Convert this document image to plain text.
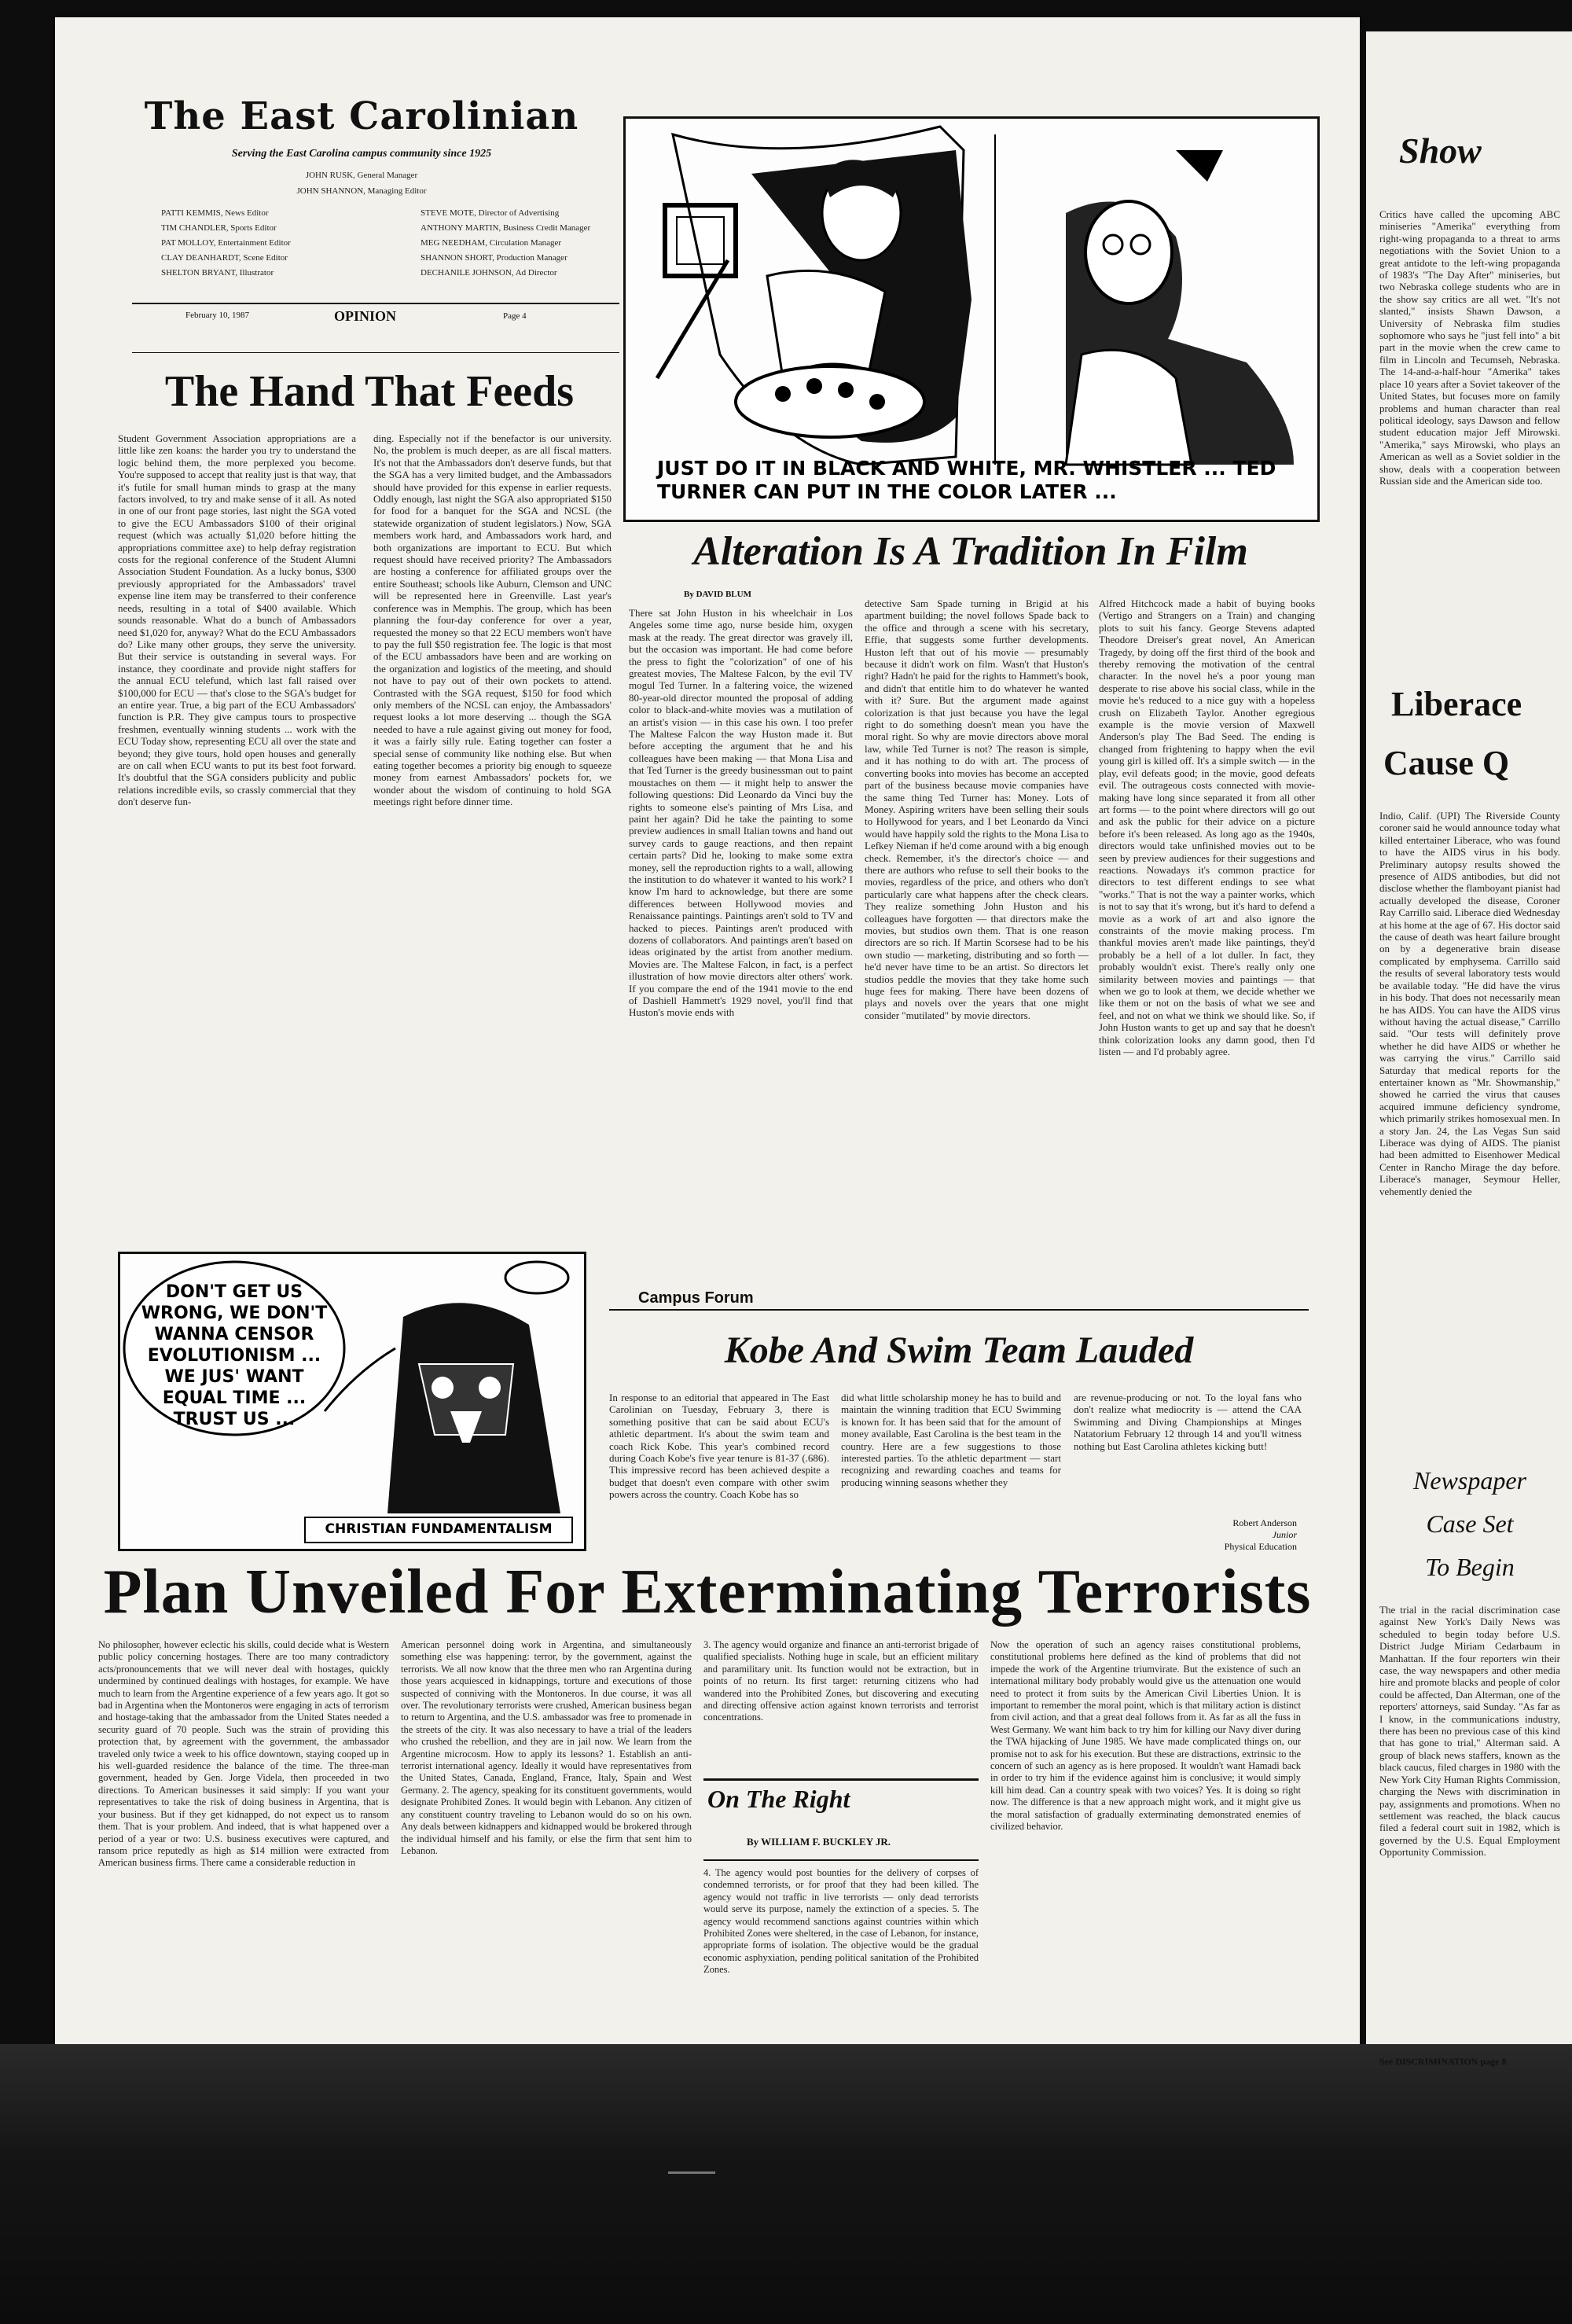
The East Carolinian
Serving the East Carolina campus community since 1925
JOHN RUSK, General Manager
JOHN SHANNON, Managing Editor
PATTI KEMMIS, News Editor
TIM CHANDLER, Sports Editor
PAT MOLLOY, Entertainment Editor
CLAY DEANHARDT, Scene Editor
SHELTON BRYANT, Illustrator
STEVE MOTE, Director of Advertising
ANTHONY MARTIN, Business Credit Manager
MEG NEEDHAM, Circulation Manager
SHANNON SHORT, Production Manager
DECHANILE JOHNSON, Ad Director
February 10, 1987	OPINION	Page 4
The Hand That Feeds
Student Government Association appropriations are a little like zen koans: the harder you try to understand the logic behind them, the more perplexed you become. You're supposed to accept that reality just is that way, that it's futile for small human minds to grasp at the many factors involved, to try and make sense of it all. As noted in one of our front page stories, last night the SGA voted to give the ECU Ambassadors $100 of their original request (which was actually $1,020 before hitting the appropriations committee axe) to help defray registration costs for the regional conference of the Student Alumni Association Student Foundation. As a lucky bonus, $300 previously appropriated for the Ambassadors' travel expense line item may be transferred to their conference needs, resulting in a total of $400 available. Which sounds reasonable. What do a bunch of Ambassadors need $1,020 for, anyway? What do the ECU Ambassadors do? Like many other groups, they serve the university. But their service is outstanding in several ways. For instance, they coordinate and provide night staffers for the annual ECU telefund, which last fall raised over $100,000 for ECU — that's close to the SGA's budget for an entire year. True, a big part of the ECU Ambassadors' function is P.R. They give campus tours to prospective freshmen, eventually winning students ... work with the ECU Today show, representing ECU all over the state and beyond; they give tours, hold open houses and generally are on call when ECU wants to put its best foot forward. It's doubtful that the SGA considers publicity and public relations incredible evils, so crassly commercial that they don't deserve fun-
ding. Especially not if the benefactor is our university. No, the problem is much deeper, as are all fiscal matters. It's not that the Ambassadors don't deserve funds, but that the SGA has a very limited budget, and the Ambassadors should have provided for this expense in earlier requests. Oddly enough, last night the SGA also appropriated $150 for food for a banquet for the SGA and NCSL (the statewide organization of student legislators.) Now, SGA members work hard, and Ambassadors work hard, and both organizations are important to ECU. But which request should have received priority? The Ambassadors are hosting a conference for affiliated groups over the entire Southeast; schools like Auburn, Clemson and UNC will be represented here in Greenville. Last year's conference was in Memphis. The group, which has been planning the four-day conference for over a year, requested the money so that 22 ECU members won't have to pay the full $50 registration fee. The logic is that most of the ECU ambassadors have been and are working on the organization and logistics of the meeting, and should not have to pay out of their own pockets to attend. Contrasted with the SGA request, $150 for food which only members of the NCSL can enjoy, the Ambassadors' request looks a lot more deserving ... though the SGA needed to have a rule against giving out money for food, it was a fairly silly rule. Eating together can foster a special sense of community like nothing else. But when eating together becomes a priority big enough to squeeze money from earnest Ambassadors' pockets for, we wonder about the wisdom of continuing to hold SGA meetings right before dinner time.
JUST DO IT IN BLACK AND WHITE, MR. WHISTLER ... TED TURNER CAN PUT IN THE COLOR LATER ...
Alteration Is A Tradition In Film
By DAVID BLUM
There sat John Huston in his wheelchair in Los Angeles some time ago, nurse beside him, oxygen mask at the ready. The great director was gravely ill, but the occasion was important. He had come before the press to fight the "colorization" of one of his greatest movies, The Maltese Falcon, by the evil TV mogul Ted Turner. In a faltering voice, the wizened 80-year-old director mounted the proposal of adding color to black-and-white movies was a mutilation of an artist's vision — in this case his own. I too prefer The Maltese Falcon the way Huston made it. But before accepting the argument that he and his colleagues have been making — that Mona Lisa and that Ted Turner is the greedy businessman out to paint moustaches on them — it might help to answer the following questions: Did Leonardo da Vinci buy the rights to someone else's painting of Mrs Lisa, and paint her again? Did he take the painting to some preview audiences in small Italian towns and hand out survey cards to gauge reactions, and then repaint certain parts? Did he, looking to make some extra money, sell the reproduction rights to a wall, allowing the institution to do whatever it wanted to his work? I know I'm hard to acknowledge, but there are some differences between Hollywood movies and Renaissance paintings. Paintings aren't sold to TV and hacked to pieces. Paintings aren't produced with dozens of collaborators. And paintings aren't based on ideas originated by the artist from another medium. Movies are. The Maltese Falcon, in fact, is a perfect illustration of how movie directors alter others' work. If you compare the end of the 1941 movie to the end of Dashiell Hammett's 1929 novel, you'll find that Huston's movie ends with
detective Sam Spade turning in Brigid at his apartment building; the novel follows Spade back to the office and through a scene with his secretary, Effie, that suggests some further developments. Huston left that out of his movie — presumably because it didn't work on film. Wasn't that Huston's right? Hadn't he paid for the rights to Hammett's book, and didn't that entitle him to do whatever he wanted with it? Sure. But the argument made against colorization is that just because you have the legal right to do something doesn't mean you have the moral right. So why are movie directors above moral law, while Ted Turner is not? The reason is simple, and it has nothing to do with art. The process of converting books into movies has become an accepted part of the business because movie companies have the same thing Ted Turner has: Money. Lots of Money. Aspiring writers have been selling their souls to Hollywood for years, and I bet Leonardo da Vinci would have happily sold the rights to the Mona Lisa to Lefkey Nieman if he'd come around with a big enough check. Remember, it's the director's choice — and there are authors who refuse to sell their books to the movies, regardless of the price, and others who don't particularly care what happens after the check clears. They realize something John Huston and his colleagues have forgotten — that directors make the movies, but studios own them. That is one reason directors are so rich. If Martin Scorsese had to be his own studio — marketing, distributing and so forth — he'd never have time to be an artist. So directors let studios peddle the movies that they take home such huge fees for making. There have been dozens of plays and novels over the years that one might consider "mutilated" by movie directors.
Alfred Hitchcock made a habit of buying books (Vertigo and Strangers on a Train) and changing plots to suit his fancy. George Stevens adapted Theodore Dreiser's great novel, An American Tragedy, by doing off the first third of the book and thereby removing the motivation of the central character. In the novel he's a poor young man desperate to rise above his social class, while in the movie he's reduced to a nice guy with a hopeless crush on Elizabeth Taylor. Another egregious example is the movie version of Maxwell Anderson's play The Bad Seed. The ending is changed from frightening to happy when the evil young girl is killed off. It's a simple switch — in the play, evil defeats good; in the movie, good defeats evil. The outrageous costs connected with movie-making have long since separated it from all other art forms — to the point where directors will go out and ask the public for their advice on a picture before it's been released. As long ago as the 1940s, directors would take unfinished movies out to be seen by preview audiences for their suggestions and reactions. Nowadays it's common practice for directors to test different endings to see what "works." That is not the way a painter works, which is not to say that it's wrong, but it's hard to defend a movie as a work of art and also ignore the constraints of the movie making process. I'm thankful movies aren't made like paintings, they'd probably be a hell of a lot duller. In fact, they probably wouldn't exist. There's really only one similarity between movies and paintings — that when we go to look at them, we decide whether we like them or not on the basis of what we see and feel, and not on what we think we should like. So, if John Huston wants to get up and say that he doesn't think colorization looks any damn good, then I'd listen — and I'd probably agree.
DON'T GET US WRONG, WE DON'T WANNA CENSOR EVOLUTIONISM ... WE JUS' WANT EQUAL TIME ... TRUST US ...
CHRISTIAN FUNDAMENTALISM
Campus Forum
Kobe And Swim Team Lauded
In response to an editorial that appeared in The East Carolinian on Tuesday, February 3, there is something positive that can be said about ECU's athletic department. It's about the swim team and coach Rick Kobe. This year's combined record during Coach Kobe's five year tenure is 81-37 (.686). This impressive record has been achieved despite a budget that doesn't even compare with other swim powers across the country. Coach Kobe has so
did what little scholarship money he has to build and maintain the winning tradition that ECU Swimming is known for. It has been said that for the amount of money available, East Carolina is the best team in the country. Here are a few suggestions to those interested parties. To the athletic department — start recognizing and rewarding coaches and teams for producing winning seasons whether they
are revenue-producing or not. To the loyal fans who don't realize what mediocrity is — attend the CAA Swimming and Diving Championships at Minges Natatorium February 12 through 14 and you'll witness nothing but East Carolina athletes kicking butt!
Robert Anderson
Junior
Physical Education
Plan Unveiled For Exterminating Terrorists
No philosopher, however eclectic his skills, could decide what is Western public policy concerning hostages. There are too many contradictory acts/pronouncements that we will never deal with hostages, quickly undermined by continued dealings with hostages, for example. We have much to learn from the Argentine experience of a few years ago. It got so bad in Argentina when the Montoneros were engaging in acts of terrorism and hostage-taking that the ambassador from the United States needed a security guard of 70 people. Such was the strain of providing this protection that, by agreement with the government, the ambassador traveled only twice a week to his office downtown, staying cooped up in his well-guarded residence the balance of the time. The three-man government, headed by Gen. Jorge Videla, then proceeded in two directions. To American businesses it said simply: If you want your representatives to take the risk of doing business in Argentina, that is your business. But if they get kidnapped, do not expect us to ransom them. That is your problem. And indeed, that is what happened over a period of a year or two: U.S. business executives were captured, and ransom price reputedly as high as $14 million were extracted from American business firms. There came a considerable reduction in
American personnel doing work in Argentina, and simultaneously something else was happening: terror, by the government, against the terrorists. We all now know that the three men who ran Argentina during those years acquiesced in kidnappings, torture and executions of those suspected of conniving with the Montoneros. In due course, it was all over. The revolutionary terrorists were crushed, American business began to return to Argentina, and the U.S. ambassador was free to promenade in the streets of the city. It was also necessary to have a trial of the leaders who crushed the rebellion, and they are in jail now. We learn from the Argentine microcosm. How to apply its lessons? 1. Establish an anti-terrorist international agency. Ideally it would have representatives from the United States, Canada, England, France, Italy, Spain and West Germany. 2. The agency, speaking for its constituent governments, would designate Prohibited Zones. It would begin with Lebanon. Any citizen of any constituent country traveling to Lebanon would do so on his own. Any deals between kidnappers and kidnapped would be brokered through the individual himself and his family, or else the firm that sent him to Lebanon.
3. The agency would organize and finance an anti-terrorist brigade of qualified specialists. Nothing huge in scale, but an efficient military and paramilitary unit. Its function would not be extraction, but in points of no return. Its first target: returning citizens who had wandered into the Prohibited Zones, but discovering and executing and directing offensive action against known terrorists and terrorist concentrations.
On The Right
By WILLIAM F. BUCKLEY JR.
4. The agency would post bounties for the delivery of corpses of condemned terrorists, or for proof that they had been killed. The agency would not traffic in live terrorists — only dead terrorists would serve its purpose, namely the extinction of a species. 5. The agency would recommend sanctions against countries within which Prohibited Zones were sheltered, in the case of Lebanon, for instance, appropriate forms of isolation. The objective would be the gradual economic asphyxiation, pending political sanitation of the Prohibited Zones.
Now the operation of such an agency raises constitutional problems, constitutional problems here defined as the kind of problems that did not impede the work of the Argentine triumvirate. But the existence of such an international military body probably would give us the attenuation one would need to protect it from suits by the American Civil Liberties Union. It is important to remember the moral point, which is that military action is distinct from civil action, and that a great deal follows from it. As far as all the fuss in West Germany. We want him back to try him for killing our Navy diver during the TWA hijacking of June 1985. We have made complicated things on, our promise not to ask for his execution. But these are distractions, extrinsic to the concern of such an agency as is here proposed. It wouldn't want Hamadi back in order to try him if the evidence against him is conclusive; it would simply kill him dead. Can a country speak with two voices? Yes. It is doing so right now. The difference is that a new approach might work, and it might give us the moral satisfaction of gradually exterminating demonstrated enemies of civilized behavior.
Show
Critics have called the upcoming ABC miniseries "Amerika" everything from right-wing propaganda to a threat to arms negotiations with the Soviet Union to a great antidote to the left-wing propaganda of 1983's "The Day After" miniseries, but two Nebraska college students who are in the show say critics are all wet. "It's not slanted," insists Shawn Dawson, a University of Nebraska film studies sophomore who says he "just fell into" a bit part in the movie when the crew came to film in Lincoln and Tecumseh, Nebraska. The 14-and-a-half-hour "Amerika" takes place 10 years after a Soviet takeover of the United States, but focuses more on family problems and human character than real political ideology, says Dawson and fellow student education major Jeff Mirowski. "Amerika," says Mirowski, who plays an American as well as a Soviet soldier in the show, deals with a cooperation between Russian side and the American side too.
Liberace
Cause Q
Indio, Calif. (UPI) The Riverside County coroner said he would announce today what killed entertainer Liberace, who was found to have the AIDS virus in his body. Preliminary autopsy results showed the presence of AIDS antibodies, but did not disclose whether the flamboyant pianist had actually developed the disease, Coroner Ray Carrillo said. Liberace died Wednesday at his home at the age of 67. His doctor said the cause of death was heart failure brought on by a degenerative brain disease complicated by emphysema. Carrillo said the results of several laboratory tests would be available today. "He did have the virus in his body. That does not necessarily mean he has AIDS. You can have the AIDS virus without having the actual disease," Carrillo said. "Our tests will definitely prove whether he did have AIDS or whether he was carrying the virus." Carrillo said Saturday that medical reports for the entertainer known as "Mr. Showmanship," showed he carried the virus that causes acquired immune deficiency syndrome, which primarily strikes homosexual men. In a story Jan. 24, the Las Vegas Sun said Liberace was dying of AIDS. The pianist had been admitted to Eisenhower Medical Center in Rancho Mirage the day before. Liberace's manager, Seymour Heller, vehemently denied the
Newspaper
Case Set
To Begin
The trial in the racial discrimination case against New York's Daily News was scheduled to begin today before U.S. District Judge Miriam Cedarbaum in Manhattan. If the four reporters win their case, the way newspapers and other media hire and promote blacks and people of color could be affected, Dan Alterman, one of the reporters' attorneys, said Sunday. "As far as I know, in the communications industry, there has been no previous case of this kind that has gone to trial," Alterman said. A group of black news staffers, known as the black caucus, filed charges in 1980 with the New York City Human Rights Commission, charging the News with discrimination in pay, assignments and promotions. When no settlement was reached, the black caucus filed a federal court suit in 1982, which is governed by the U.S. Equal Employment Opportunity Commission.
See DISCRIMINATION page 8
